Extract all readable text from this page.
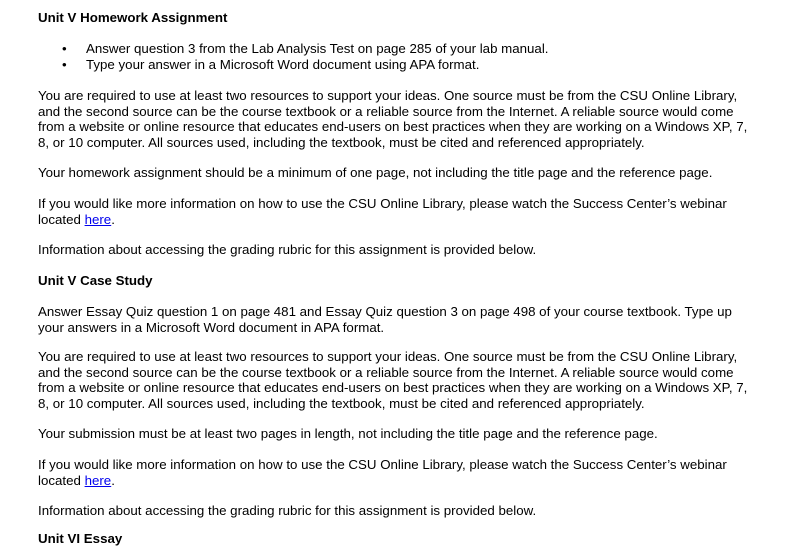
Unit V Homework Assignment

• Answer question 3 from the Lab Analysis Test on page 285 of your lab manual.
• Type your answer in a Microsoft Word document using APA format.
You are required to use at least two resources to support your ideas. One source must be from the CSU Online Library,
and the second source can be the course textbook or a reliable source from the Internet. A reliable source would come
from a website or online resource that educates end-users on best practices when they are working on a Windows XP, 7,
8, or 10 computer. All sources used, including the textbook, must be cited and referenced appropriately.

Your homework assignment should be a minimum of one page, not including the title page and the reference page.

If you would like more information on how to use the CSU Online Library, please watch the Success Center’s webinar
located here.

Information about accessing the grading rubric for this assignment is provided below.

Unit V Case Study

Answer Essay Quiz question 1 on page 481 and Essay Quiz question 3 on page 498 of your course textbook. Type up
your answers in a Microsoft Word document in APA format.
You are required to use at least two resources to support your ideas. One source must be from the CSU Online Library,
and the second source can be the course textbook or a reliable source from the Internet. A reliable source would come
from a website or online resource that educates end-users on best practices when they are working on a Windows XP, 7,
8, or 10 computer. All sources used, including the textbook, must be cited and referenced appropriately.

Your submission must be at least two pages in length, not including the title page and the reference page.

If you would like more information on how to use the CSU Online Library, please watch the Success Center’s webinar
located here.

Information about accessing the grading rubric for this assignment is provided below.

Unit VI Essay
